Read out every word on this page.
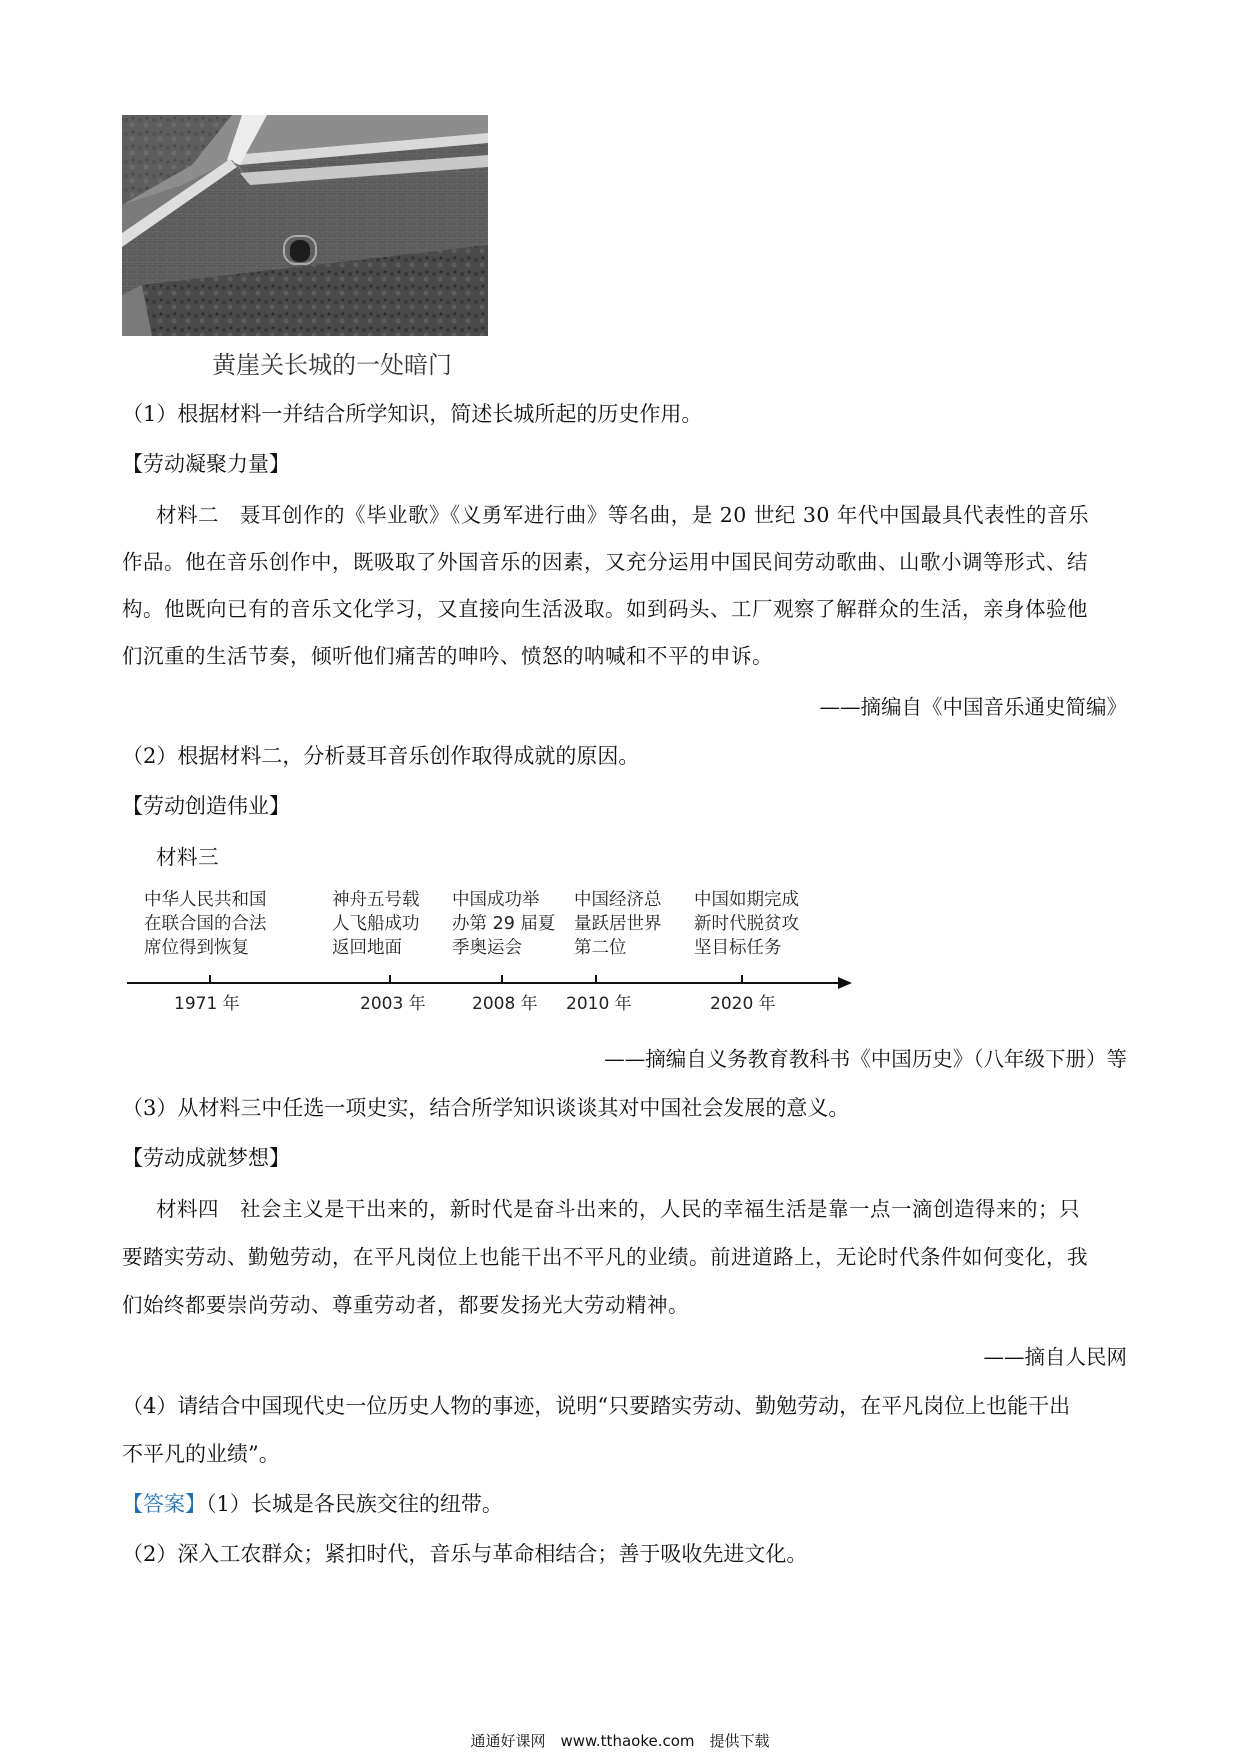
黄崖关长城的一处暗门
（1）根据材料一并结合所学知识，简述长城所起的历史作用。
【劳动凝聚力量】
材料二　聂耳创作的《毕业歌》《义勇军进行曲》等名曲，是 20 世纪 30 年代中国最具代表性的音乐
作品。他在音乐创作中，既吸取了外国音乐的因素，又充分运用中国民间劳动歌曲、山歌小调等形式、结
构。他既向已有的音乐文化学习，又直接向生活汲取。如到码头、工厂观察了解群众的生活，亲身体验他
们沉重的生活节奏，倾听他们痛苦的呻吟、愤怒的呐喊和不平的申诉。
——摘编自《中国音乐通史简编》
（2）根据材料二，分析聂耳音乐创作取得成就的原因。
【劳动创造伟业】
材料三
中华人民共和国
在联合国的合法
席位得到恢复
1971 年
神舟五号载
人飞船成功
返回地面
2003 年
中国成功举
办第 29 届夏
季奥运会
2008 年
中国经济总
量跃居世界
第二位
2010 年
中国如期完成
新时代脱贫攻
坚目标任务
2020 年
——摘编自义务教育教科书《中国历史》（八年级下册）等
（3）从材料三中任选一项史实，结合所学知识谈谈其对中国社会发展的意义。
【劳动成就梦想】
材料四　社会主义是干出来的，新时代是奋斗出来的，人民的幸福生活是靠一点一滴创造得来的；只
要踏实劳动、勤勉劳动，在平凡岗位上也能干出不平凡的业绩。前进道路上，无论时代条件如何变化，我
们始终都要崇尚劳动、尊重劳动者，都要发扬光大劳动精神。
——摘自人民网
（4）请结合中国现代史一位历史人物的事迹，说明“只要踏实劳动、勤勉劳动，在平凡岗位上也能干出
不平凡的业绩”。
【答案】（1）长城是各民族交往的纽带。
（2）深入工农群众；紧扣时代，音乐与革命相结合；善于吸收先进文化。
通通好课网　www.tthaoke.com　提供下载
